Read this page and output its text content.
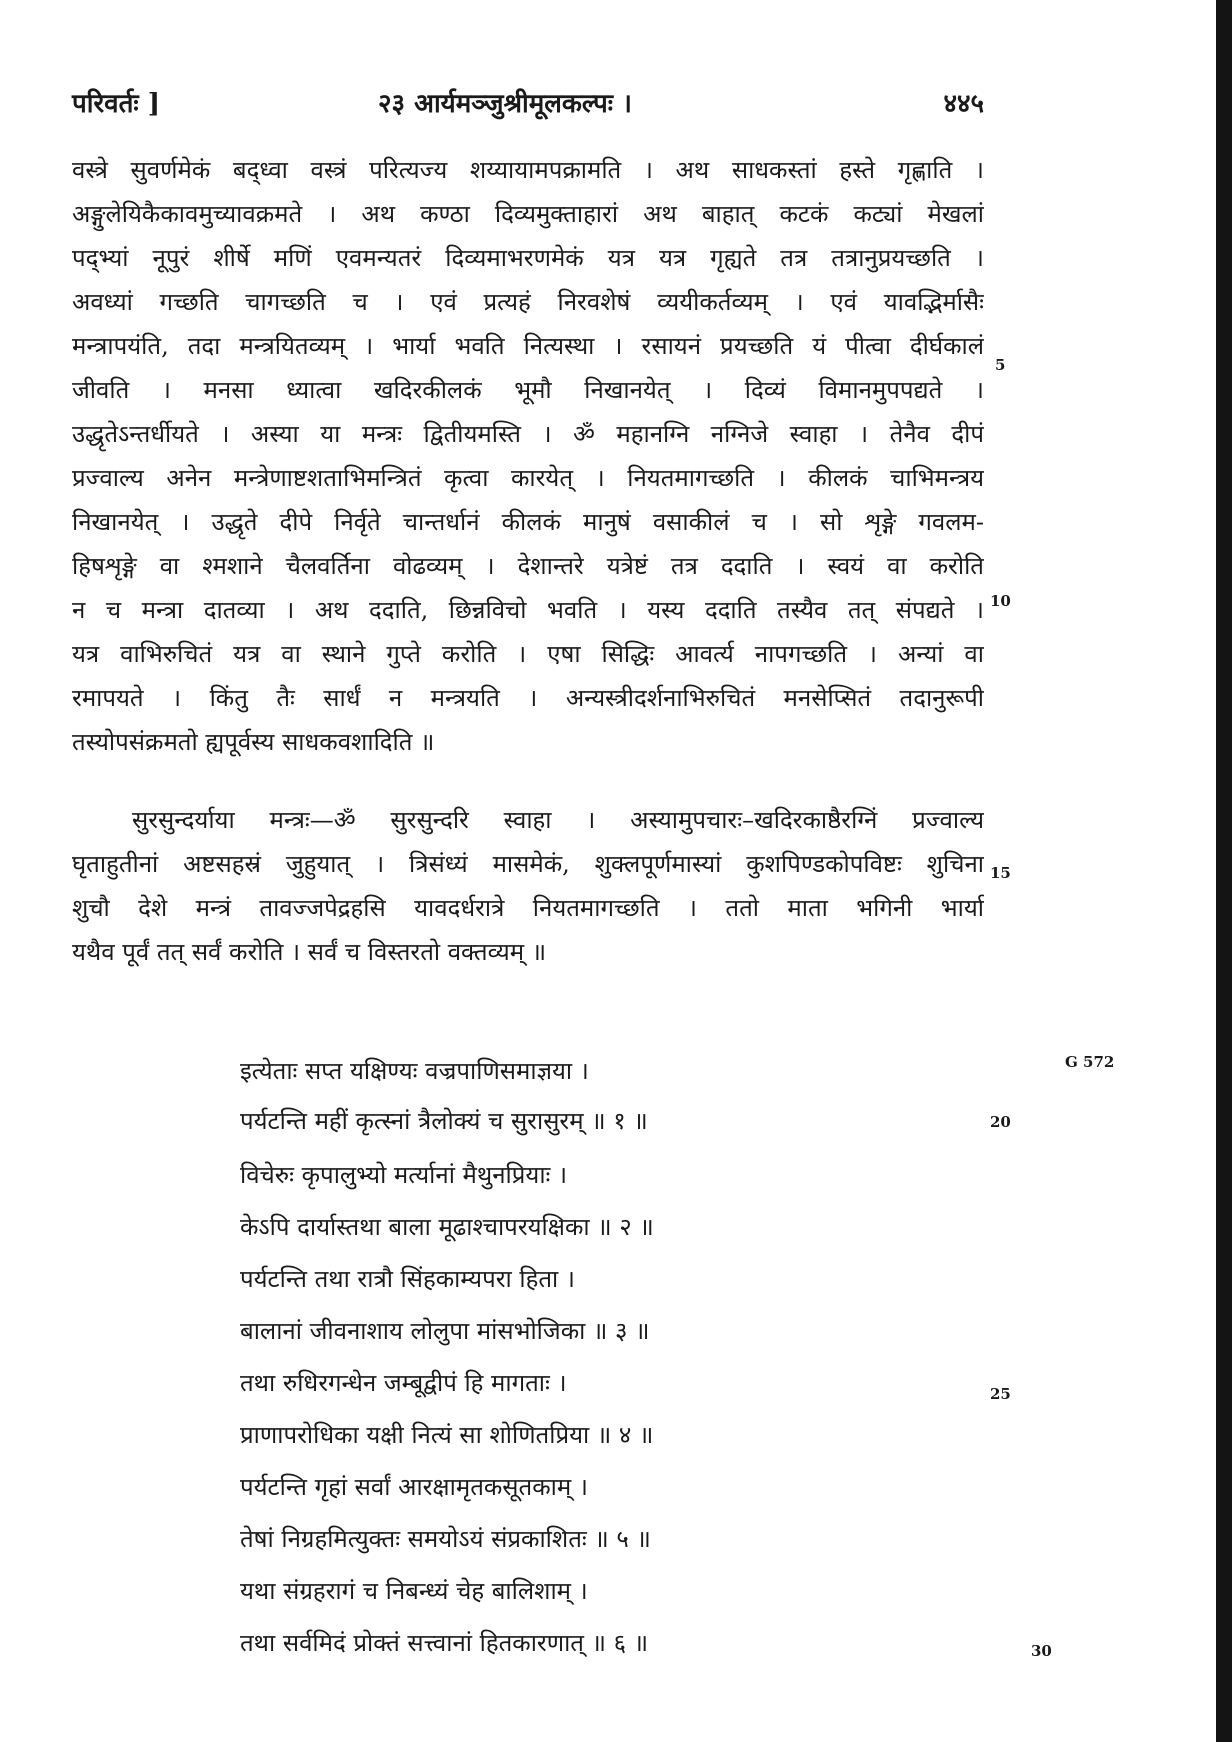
परिवर्तः ]	२३ आर्यमञ्जुश्रीमूलकल्पः ।	४४५
वस्त्रे सुवर्णमेकं बद्ध्वा वस्त्रं परित्यज्य शय्यायामपक्रामति । अथ साधकस्तां हस्ते गृह्णाति ।
अङ्गुलेयिकैकावमुच्यावक्रमते । अथ कण्ठा दिव्यमुक्ताहारां अथ बाहात् कटकं कट्यां मेखलां
पद्भ्यां नूपुरं शीर्षे मणिं एवमन्यतरं दिव्यमाभरणमेकं यत्र यत्र गृह्यते तत्र तत्रानुप्रयच्छति ।
अवध्यां गच्छति चागच्छति च । एवं प्रत्यहं निरवशेषं व्ययीकर्तव्यम् । एवं यावद्भिर्मासैः
मन्त्रापयंति, तदा मन्त्रयितव्यम् । भार्या भवति नित्यस्था । रसायनं प्रयच्छति यं पीत्वा दीर्घकालं
जीवति । मनसा ध्यात्वा खदिरकीलकं भूमौ निखानयेत् । दिव्यं विमानमुपपद्यते ।
उद्धृतेऽन्तर्धीयते । अस्या या मन्त्रः द्वितीयमस्ति । ॐ महानग्नि नग्निजे स्वाहा । तेनैव दीपं
प्रज्वाल्य अनेन मन्त्रेणाष्टशताभिमन्त्रितं कृत्वा कारयेत् । नियतमागच्छति । कीलकं चाभिमन्त्रय
निखानयेत् । उद्धृते दीपे निर्वृते चान्तर्धानं कीलकं मानुषं वसाकीलं च । सो शृङ्गे गवलम-
हिषशृङ्गे वा श्मशाने चैलवर्तिना वोढव्यम् । देशान्तरे यत्रेष्टं तत्र ददाति । स्वयं वा करोति
न च मन्त्रा दातव्या । अथ ददाति, छिन्नविचो भवति । यस्य ददाति तस्यैव तत् संपद्यते ।
यत्र वाभिरुचितं यत्र वा स्थाने गुप्ते करोति । एषा सिद्धिः आवर्त्य नापगच्छति । अन्यां वा
रमापयते । किंतु तैः सार्धं न मन्त्रयति । अन्यस्त्रीदर्शनाभिरुचितं मनसेप्सितं तदानुरूपी
तस्योपसंक्रमतो ह्यपूर्वस्य साधकवशादिति ॥
सुरसुन्दर्याया मन्त्रः—ॐ सुरसुन्दरि स्वाहा । अस्यामुपचारः–खदिरकाष्ठैरग्निं प्रज्वाल्य
घृताहुतीनां अष्टसहस्रं जुहुयात् । त्रिसंध्यं मासमेकं, शुक्लपूर्णमास्यां कुशपिण्डकोपविष्टः शुचिना
शुचौ देशे मन्त्रं तावज्जपेद्रहसि यावदर्धरात्रे नियतमागच्छति । ततो माता भगिनी भार्या
यथैव पूर्वं तत् सर्वं करोति । सर्वं च विस्तरतो वक्तव्यम् ॥
इत्येताः सप्त यक्षिण्यः वज्रपाणिसमाज्ञया ।
पर्यटन्ति महीं कृत्स्नां त्रैलोक्यं च सुरासुरम् ॥ १ ॥
विचेरुः कृपालुभ्यो मर्त्यानां मैथुनप्रियाः ।
केऽपि दार्यास्तथा बाला मूढाश्चापरयक्षिका ॥ २ ॥
पर्यटन्ति तथा रात्रौ सिंहकाम्यपरा हिता ।
बालानां जीवनाशाय लोलुपा मांसभोजिका ॥ ३ ॥
तथा रुधिरगन्धेन जम्बूद्वीपं हि मागताः ।
प्राणापरोधिका यक्षी नित्यं सा शोणितप्रिया ॥ ४ ॥
पर्यटन्ति गृहां सर्वां आरक्षामृतकसूतकाम् ।
तेषां निग्रहमित्युक्तः समयोऽयं संप्रकाशितः ॥ ५ ॥
यथा संग्रहरागं च निबन्ध्यं चेह बालिशाम् ।
तथा सर्वमिदं प्रोक्तं सत्त्वानां हितकारणात् ॥ ६ ॥
5
10
15
20
25
30
G 572
